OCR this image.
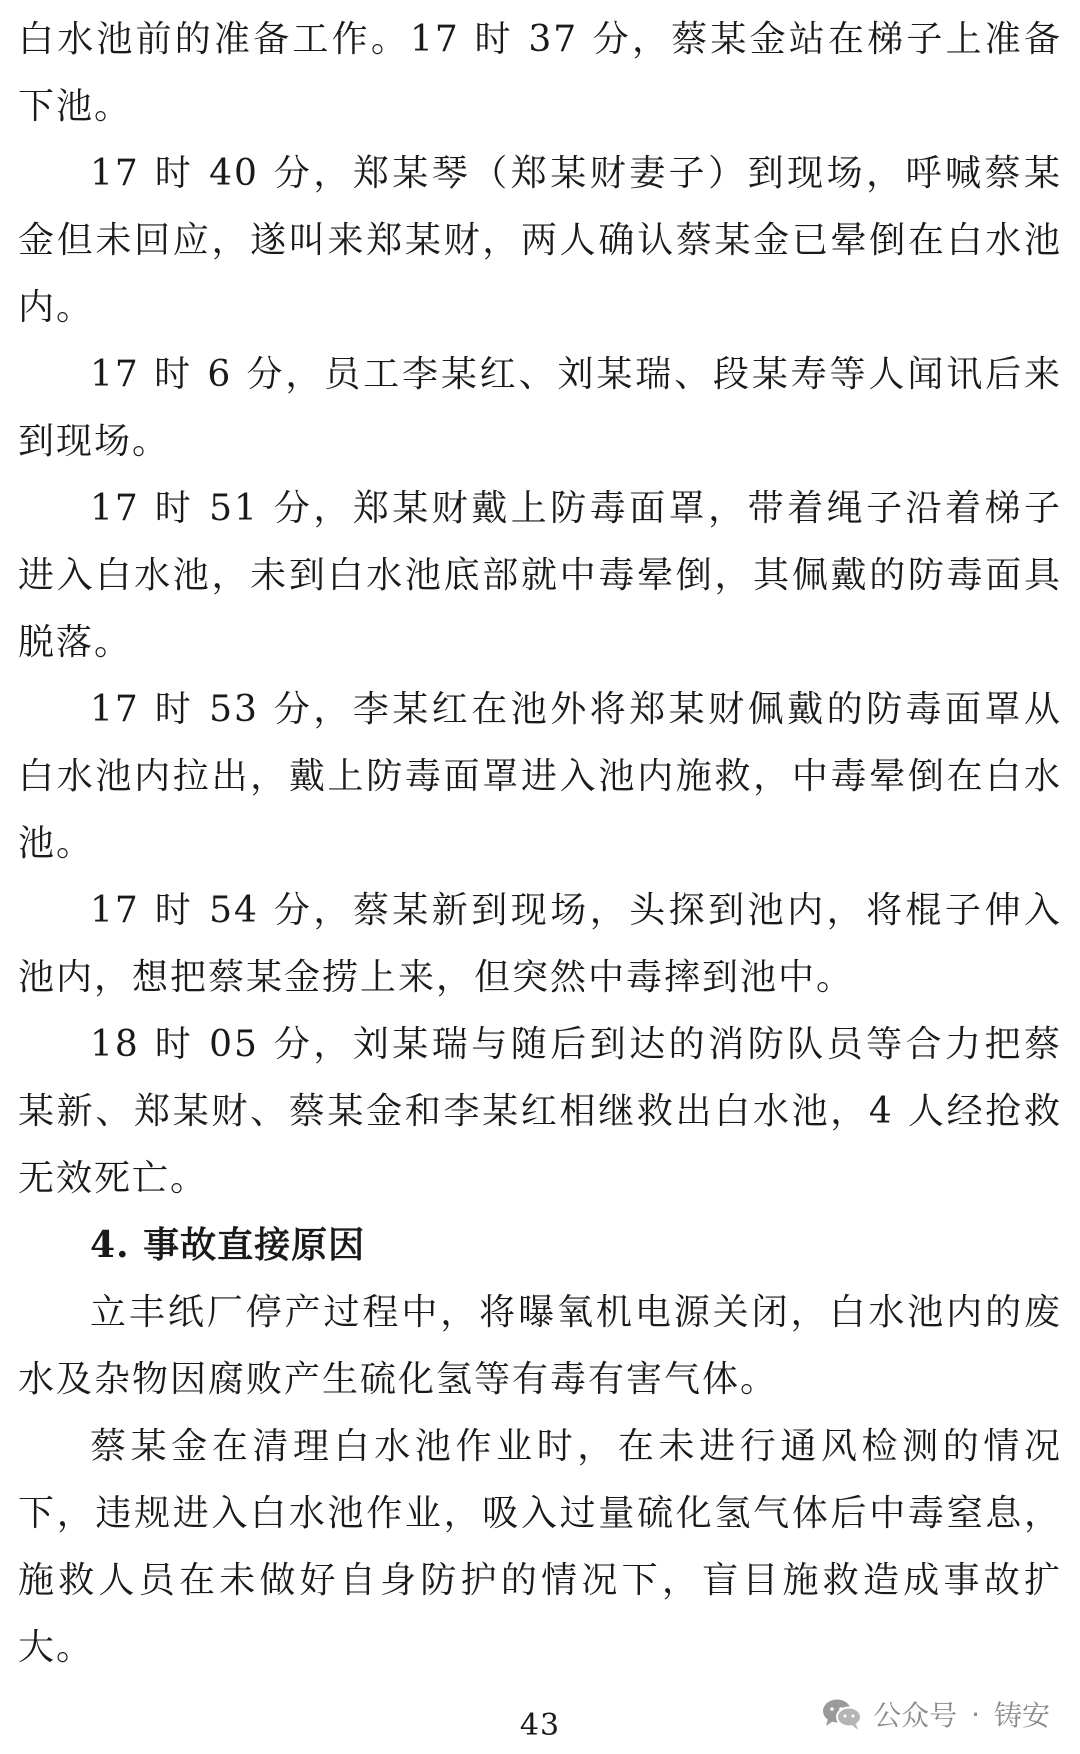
白水池前的准备工作。17 时 37 分，蔡某金站在梯子上准备下池。

17 时 40 分，郑某琴（郑某财妻子）到现场，呼喊蔡某金但未回应，遂叫来郑某财，两人确认蔡某金已晕倒在白水池内。

17 时 6 分，员工李某红、刘某瑞、段某寿等人闻讯后来到现场。

17 时 51 分，郑某财戴上防毒面罩，带着绳子沿着梯子进入白水池，未到白水池底部就中毒晕倒，其佩戴的防毒面具脱落。

17 时 53 分，李某红在池外将郑某财佩戴的防毒面罩从白水池内拉出，戴上防毒面罩进入池内施救，中毒晕倒在白水池。

17 时 54 分，蔡某新到现场，头探到池内，将棍子伸入池内，想把蔡某金捞上来，但突然中毒摔到池中。

18 时 05 分，刘某瑞与随后到达的消防队员等合力把蔡某新、郑某财、蔡某金和李某红相继救出白水池，4 人经抢救无效死亡。

4. 事故直接原因

立丰纸厂停产过程中，将曝氧机电源关闭，白水池内的废水及杂物因腐败产生硫化氢等有毒有害气体。

蔡某金在清理白水池作业时，在未进行通风检测的情况下，违规进入白水池作业，吸入过量硫化氢气体后中毒窒息，施救人员在未做好自身防护的情况下，盲目施救造成事故扩大。

43	公众号 · 铸安
